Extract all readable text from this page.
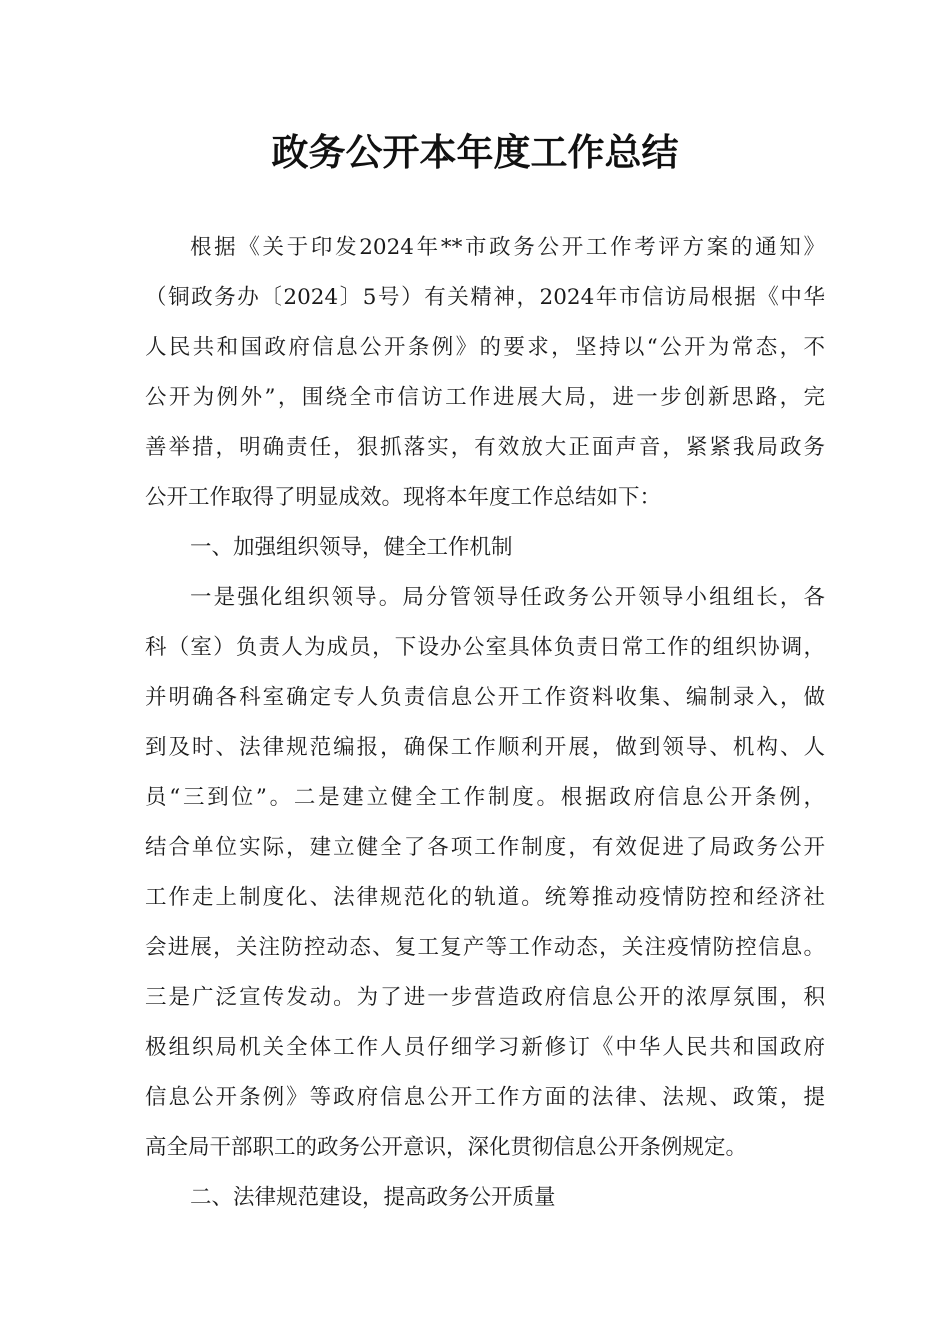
政务公开本年度工作总结
根据《关于印发2024年**市政务公开工作考评方案的通知》
（铜政务办〔2024〕5号）有关精神，2024年市信访局根据《中华
人民共和国政府信息公开条例》的要求，坚持以“公开为常态，不
公开为例外”，围绕全市信访工作进展大局，进一步创新思路，完
善举措，明确责任，狠抓落实，有效放大正面声音，紧紧我局政务
公开工作取得了明显成效。现将本年度工作总结如下：
一、加强组织领导，健全工作机制
一是强化组织领导。局分管领导任政务公开领导小组组长，各
科（室）负责人为成员，下设办公室具体负责日常工作的组织协调，
并明确各科室确定专人负责信息公开工作资料收集、编制录入，做
到及时、法律规范编报，确保工作顺利开展，做到领导、机构、人
员“三到位”。二是建立健全工作制度。根据政府信息公开条例，
结合单位实际，建立健全了各项工作制度，有效促进了局政务公开
工作走上制度化、法律规范化的轨道。统筹推动疫情防控和经济社
会进展，关注防控动态、复工复产等工作动态，关注疫情防控信息。
三是广泛宣传发动。为了进一步营造政府信息公开的浓厚氛围，积
极组织局机关全体工作人员仔细学习新修订《中华人民共和国政府
信息公开条例》等政府信息公开工作方面的法律、法规、政策，提
高全局干部职工的政务公开意识，深化贯彻信息公开条例规定。
二、法律规范建设，提高政务公开质量
